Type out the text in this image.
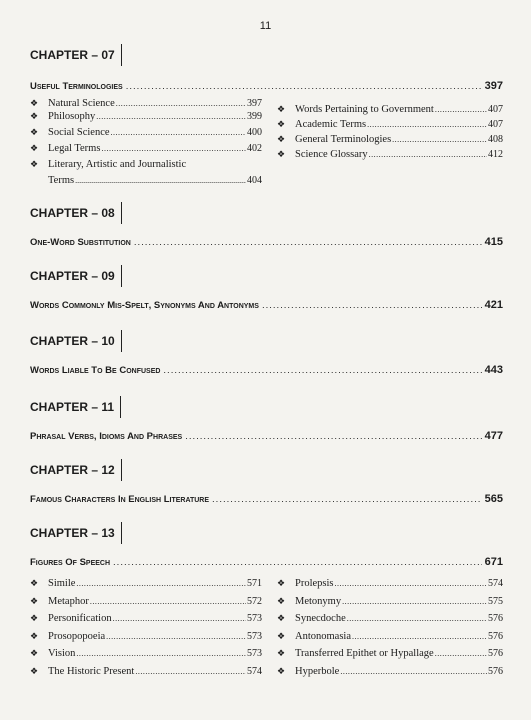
11
CHAPTER – 07
Useful Terminologies .....	397
❖ Natural Science .....	397
❖ Philosophy .....	399
❖ Social Science .....	400
❖ Legal Terms .....	402
❖ Literary, Artistic and Journalistic
Terms .....	404
❖ Words Pertaining to Government .....	407
❖ Academic Terms .....	407
❖ General Terminologies .....	408
❖ Science Glossary .....	412
CHAPTER – 08
One-Word Substitution .....	415
CHAPTER – 09
Words Commonly Mis-Spelt, Synonyms And Antonyms .....	421
CHAPTER – 10
Words Liable To Be Confused .....	443
CHAPTER – 11
Phrasal Verbs, Idioms And Phrases .....	477
CHAPTER – 12
Famous Characters In English Literature .....	565
CHAPTER – 13
Figures Of Speech .....	671
❖ Simile .....	571
❖ Metaphor .....	572
❖ Personification .....	573
❖ Prosopopoeia .....	573
❖ Vision .....	573
❖ The Historic Present .....	574
❖ Prolepsis .....	574
❖ Metonymy .....	575
❖ Synecdoche .....	576
❖ Antonomasia .....	576
❖ Transferred Epithet or Hypallage .....	576
❖ Hyperbole .....	576
